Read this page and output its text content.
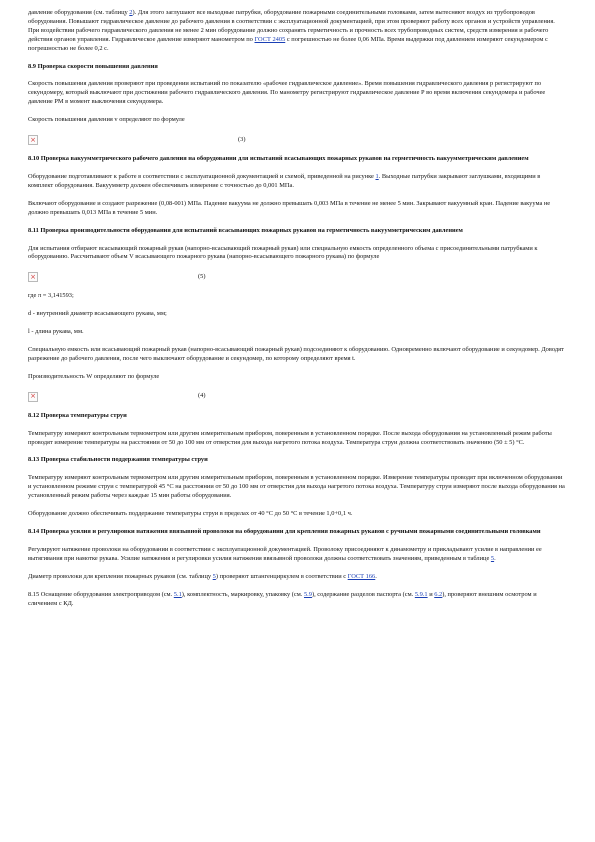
давление оборудования (см. таблицу 2). Для этого заглушают все выходные патрубки, оборудование пожарными соединительными головками, затем вытесняют воздух из трубопроводов оборудования. Повышают гидравлическое давление до рабочего давления в соответствии с эксплуатационной документацией, при этом проверяют работу всех органов и устройств управления. При воздействии рабочего гидравлического давления не менее 2 мин оборудование должно сохранять герметичность и прочность всех трубопроводных систем, средств измерения и рабочего действия органов управления. Гидравлическое давление измеряют манометром по ГОСТ 2405 с погрешностью не более 0,06 МПа. Время выдержки под давлением измеряют секундомером с погрешностью не более 0,2 с.

8.9 Проверка скорости повышения давления

Скорость повышения давления проверяют при проведении испытаний по показателю «рабочее гидравлическое давление». Время повышения гидравлического давления р регистрируют по секундомеру, который выключают при достижении рабочего гидравлического давления. По манометру регистрируют гидравлическое давление Р во время включения секундомера и рабочее давление РМ в момент выключения секундомера.

Скорость повышения давления v определяют по формуле

×	(3)

8.10 Проверка вакуумметрического рабочего давления на оборудовании для испытаний всасывающих пожарных рукавов на герметичность вакуумметрическим давлением

Оборудование подготавливают к работе в соответствии с эксплуатационной документацией и схемой, приведенной на рисунке 1. Выходные патрубки закрывают заглушками, входящими в комплект оборудования. Вакуумметр должен обеспечивать измерение с точностью до 0,001 МПа.

Включают оборудование и создают разрежение (0,08-001) МПа. Падение вакуума не должно превышать 0,003 МПа в течение не менее 5 мин. Закрывают вакуумный кран. Падение вакуума не должно превышать 0,013 МПа в течение 5 мин.

8.11 Проверка производительности оборудования для испытаний всасывающих пожарных рукавов на герметичность вакуумметрическим давлением

Для испытания отбирают всасывающий пожарный рукав (напорно-всасывающий пожарный рукав) или специальную емкость определенного объема с присоединительными патрубками к оборудованию. Рассчитывают объем V всасывающего пожарного рукава (напорно-всасывающего пожарного рукава) по формуле

×	(5)

где π = 3,141593;

d - внутренний диаметр всасывающего рукава, мм;

l - длина рукава, мм.

Специальную емкость или всасывающий пожарный рукав (напорно-всасывающий пожарный рукав) подсоединяют к оборудованию. Одновременно включают оборудование и секундомер. Доводят разрежение до рабочего давления, после чего выключают оборудование и секундомер, по которому определяют время t.

Производительность W определяют по формуле

×	(4)

8.12 Проверка температуры струи

Температуру измеряют контрольным термометром или другим измерительным прибором, поверенным в установленном порядке. После выхода оборудования на установленный режим работы проводят измерение температуры на расстоянии от 50 до 100 мм от отверстия для выхода нагретого потока воздуха. Температура струи должна соответствовать значению (50 ± 5) °С.

8.13 Проверка стабильности поддержания температуры струи

Температуру измеряют контрольным термометром или другим измерительным прибором, поверенным в установленном порядке. Измерение температуры проводят при включенном оборудовании и установленном режиме струи с температурой 45 °С на расстоянии от 50 до 100 мм от отверстия для выхода нагретого потока воздуха. Температуру струи измеряют после выхода оборудования на установленный режим работы через каждые 15 мин работы оборудования.

Оборудование должно обеспечивать поддержание температуры струи в пределах от 40 °С до 50 °С в течение 1,0+0,1 ч.

8.14 Проверка усилия и регулировки натяжения ввязывной проволоки на оборудовании для крепления пожарных рукавов с ручными пожарными соединительными головками

Регулируют натяжение проволоки на оборудовании в соответствии с эксплуатационной документацией. Проволоку присоединяют к динамометру и прикладывают усилие в направлении ее вытягивания при намотке рукава. Усилие натяжения и регулировки усилия натяжения ввязывной проволоки должны соответствовать значениям, приведенным в таблице 5.

Диаметр проволоки для крепления пожарных рукавов (см. таблицу 5) проверяют штангенциркулем в соответствии с ГОСТ 166.

8.15 Оснащение оборудования электроприводом (см. 5.1), комплектность, маркировку, упаковку (см. 5.9), содержание разделов паспорта (см. 5.9.1 и 6.2), проверяют внешним осмотром и сличением с КД.
